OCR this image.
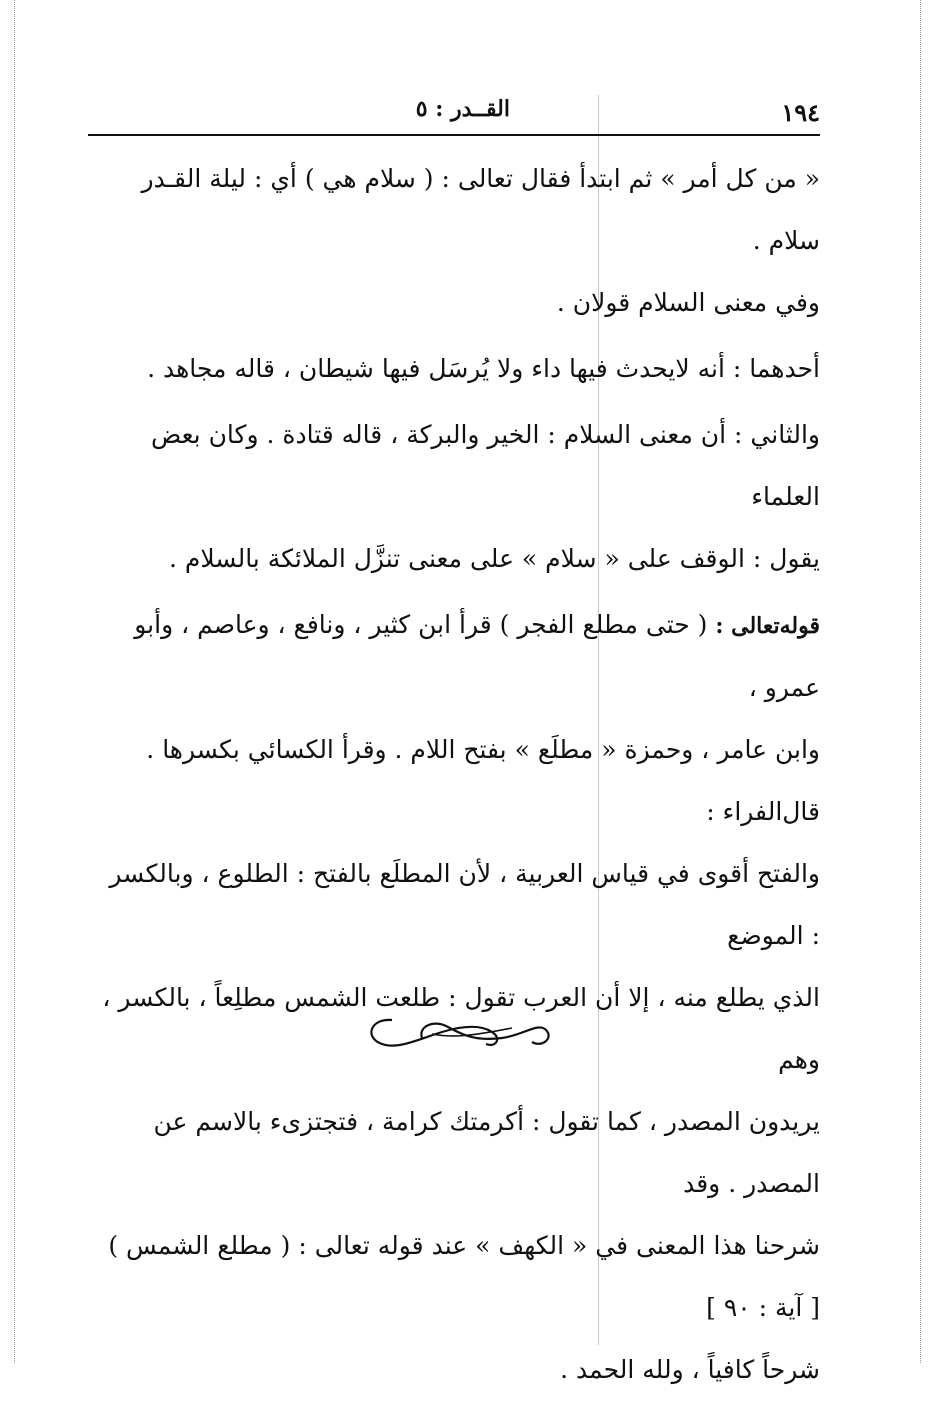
١٩٤
القــدر : ٥

« من كل أمر » ثم ابتدأ فقال تعالى : ( سلام هي ) أي : ليلة القـدر سلام .

وفي معنى السلام قولان .

أحدهما : أنه لايحدث فيها داء ولا يُرسَل فيها شيطان ، قاله مجاهد .

والثاني : أن معنى السلام : الخير والبركة ، قاله قتادة . وكان بعض العلماء

يقول : الوقف على « سلام » على معنى تنزَّل الملائكة بالسلام .

قوله‌تعالى : ( حتى مطلع الفجر ) قرأ ابن كثير ، ونافع ، وعاصم ، وأبو عمرو ،

وابن عامر ، وحمزة « مطلَع » بفتح اللام . وقرأ الكسائي بكسرها . قال‌الفراء :

والفتح أقوى في قياس العربية ، لأن المطلَع بالفتح : الطلوع ، وبالكسر : الموضع

الذي يطلع منه ، إلا أن العرب تقول : طلعت الشمس مطلِعاً ، بالكسر ، وهم

يريدون المصدر ، كما تقول : أكرمتك كرامة ، فتجتزىء بالاسم عن المصدر . وقد

شرحنا هذا المعنى في « الكهف » عند قوله تعالى : ( مطلع الشمس ) [ آية : ٩٠ ]

شرحاً كافياً ، ولله الحمد .
